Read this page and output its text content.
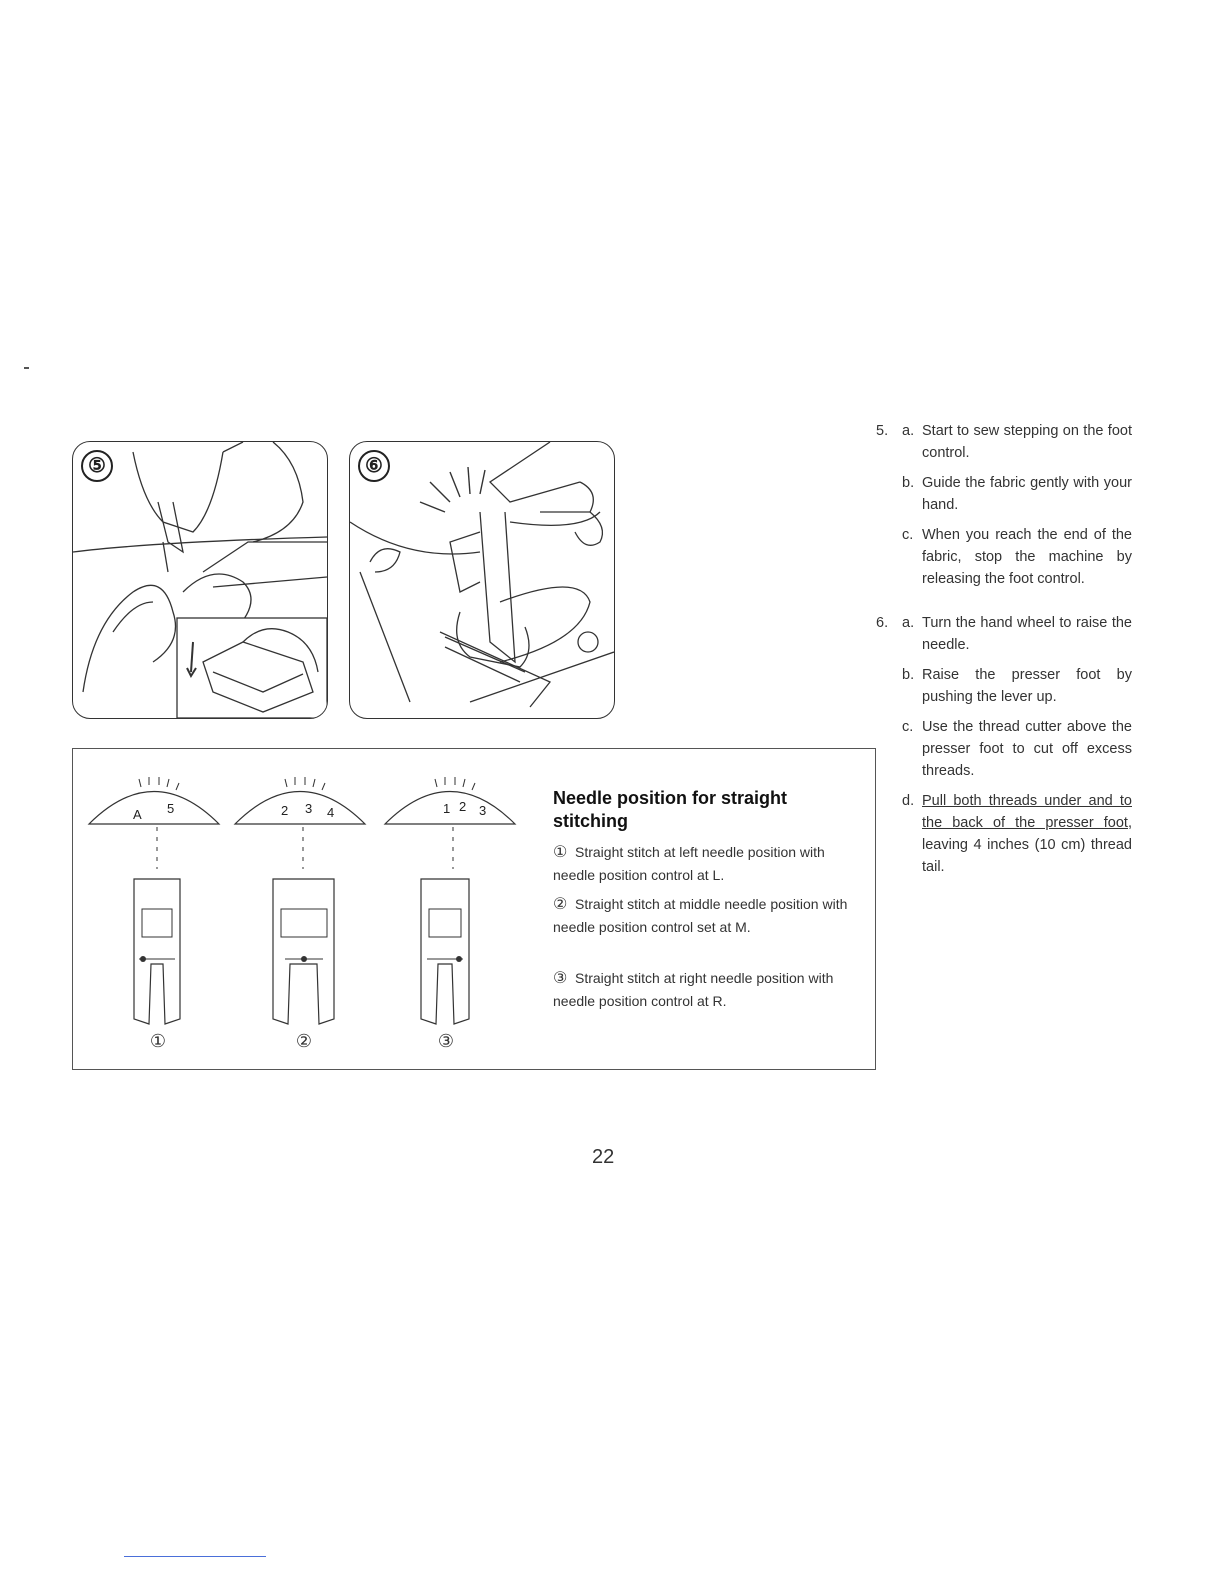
⑤	⑥
A 5
①
2 3 4
②
1 2 3
③
Needle position for straight stitching
① Straight stitch at left needle position with needle position control at L.
② Straight stitch at middle needle position with needle position control set at M.
③ Straight stitch at right needle position with needle position control at R.
5. a. Start to sew stepping on the foot control.
b. Guide the fabric gently with your hand.
c. When you reach the end of the fabric, stop the machine by releasing the foot control.
6. a. Turn the hand wheel to raise the needle.
b. Raise the presser foot by pushing the lever up.
c. Use the thread cutter above the presser foot to cut off excess threads.
d. Pull both threads under and to the back of the presser foot, leaving 4 inches (10 cm) thread tail.
22
